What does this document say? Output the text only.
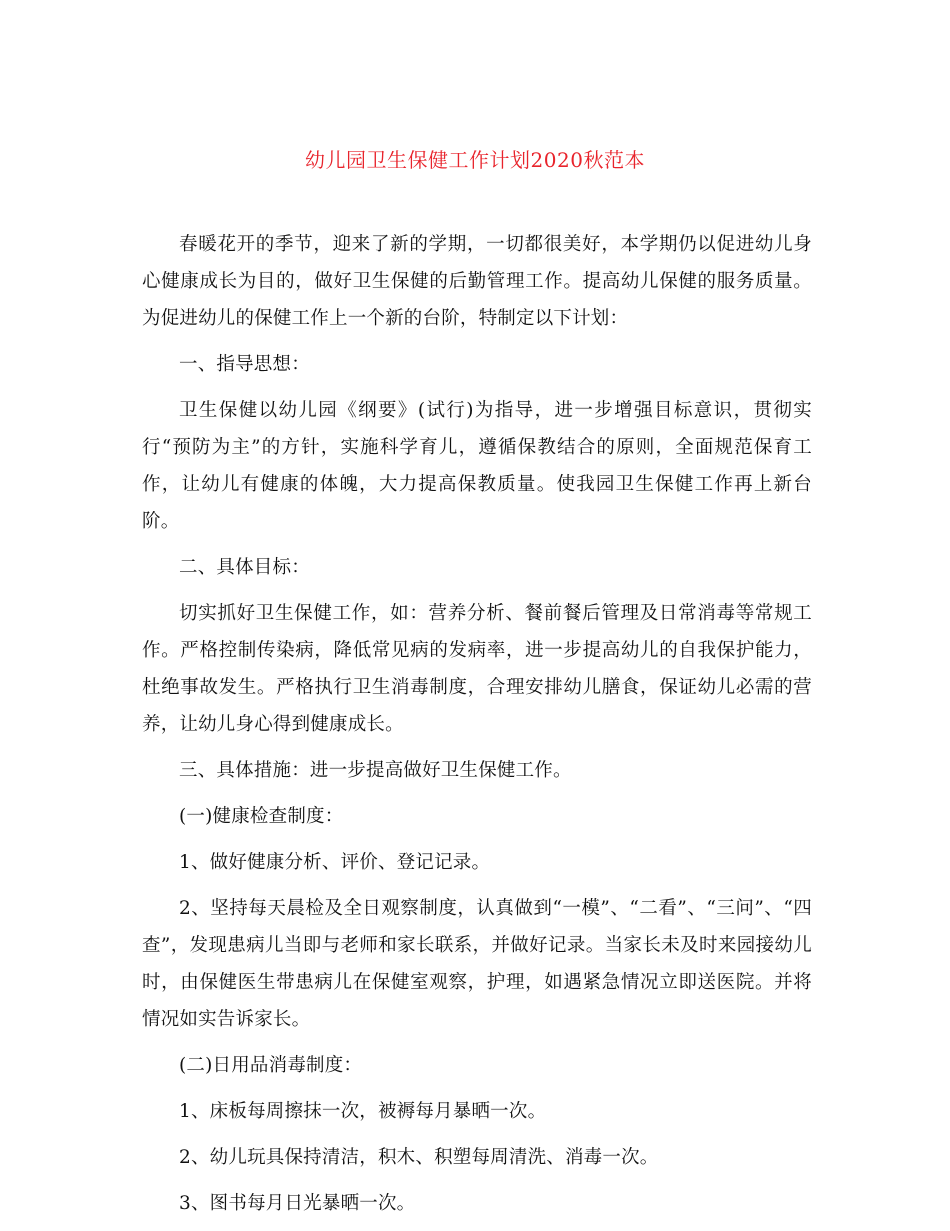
幼儿园卫生保健工作计划2020秋范本

春暖花开的季节，迎来了新的学期，一切都很美好，本学期仍以促进幼儿身心健康成长为目的，做好卫生保健的后勤管理工作。提高幼儿保健的服务质量。为促进幼儿的保健工作上一个新的台阶，特制定以下计划：

一、指导思想：

卫生保健以幼儿园《纲要》(试行)为指导，进一步增强目标意识，贯彻实行“预防为主”的方针，实施科学育儿，遵循保教结合的原则，全面规范保育工作，让幼儿有健康的体魄，大力提高保教质量。使我园卫生保健工作再上新台阶。

二、具体目标：

切实抓好卫生保健工作，如：营养分析、餐前餐后管理及日常消毒等常规工作。严格控制传染病，降低常见病的发病率，进一步提高幼儿的自我保护能力，杜绝事故发生。严格执行卫生消毒制度，合理安排幼儿膳食，保证幼儿必需的营养，让幼儿身心得到健康成长。

三、具体措施：进一步提高做好卫生保健工作。

(一)健康检查制度：

1、做好健康分析、评价、登记记录。

2、坚持每天晨检及全日观察制度，认真做到“一模”、“二看”、“三问”、“四查”，发现患病儿当即与老师和家长联系，并做好记录。当家长未及时来园接幼儿时，由保健医生带患病儿在保健室观察，护理，如遇紧急情况立即送医院。并将情况如实告诉家长。

(二)日用品消毒制度：

1、床板每周擦抹一次，被褥每月暴晒一次。

2、幼儿玩具保持清洁，积木、积塑每周清洗、消毒一次。

3、图书每月日光暴晒一次。
